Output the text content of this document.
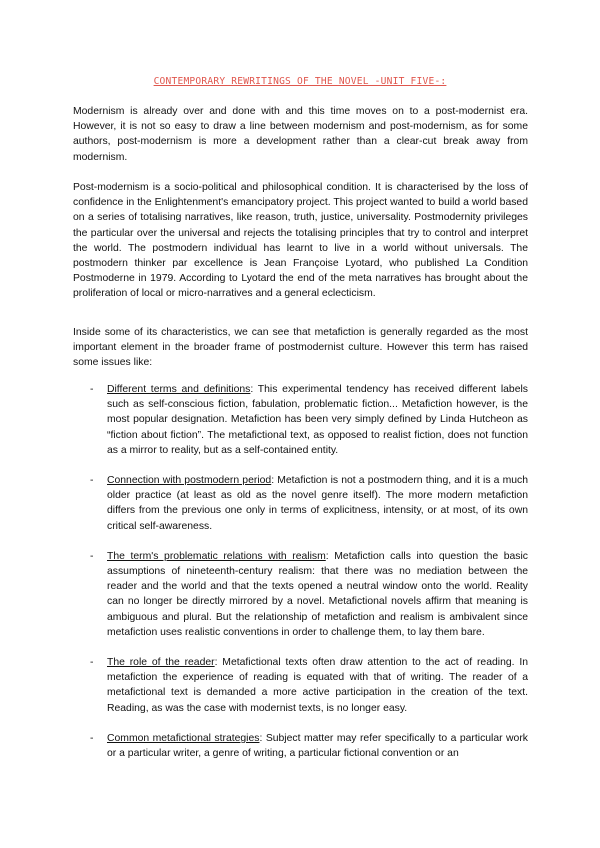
CONTEMPORARY REWRITINGS OF THE NOVEL -UNIT FIVE-:

Modernism is already over and done with and this time moves on to a post-modernist era. However, it is not so easy to draw a line between modernism and post-modernism, as for some authors, post-modernism is more a development rather than a clear-cut break away from modernism.

Post-modernism is a socio-political and philosophical condition. It is characterised by the loss of confidence in the Enlightenment's emancipatory project. This project wanted to build a world based on a series of totalising narratives, like reason, truth, justice, universality. Postmodernity privileges the particular over the universal and rejects the totalising principles that try to control and interpret the world. The postmodern individual has learnt to live in a world without universals. The postmodern thinker par excellence is Jean Françoise Lyotard, who published La Condition Postmoderne in 1979. According to Lyotard the end of the meta narratives has brought about the proliferation of local or micro-narratives and a general eclecticism.

Inside some of its characteristics, we can see that metafiction is generally regarded as the most important element in the broader frame of postmodernist culture. However this term has raised some issues like:

- Different terms and definitions: This experimental tendency has received different labels such as self-conscious fiction, fabulation, problematic fiction... Metafiction however, is the most popular designation. Metafiction has been very simply defined by Linda Hutcheon as “fiction about fiction”. The metafictional text, as opposed to realist fiction, does not function as a mirror to reality, but as a self-contained entity.
- Connection with postmodern period: Metafiction is not a postmodern thing, and it is a much older practice (at least as old as the novel genre itself). The more modern metafiction differs from the previous one only in terms of explicitness, intensity, or at most, of its own critical self-awareness.
- The term's problematic relations with realism: Metafiction calls into question the basic assumptions of nineteenth-century realism: that there was no mediation between the reader and the world and that the texts opened a neutral window onto the world. Reality can no longer be directly mirrored by a novel. Metafictional novels affirm that meaning is ambiguous and plural. But the relationship of metafiction and realism is ambivalent since metafiction uses realistic conventions in order to challenge them, to lay them bare.
- The role of the reader: Metafictional texts often draw attention to the act of reading. In metafiction the experience of reading is equated with that of writing. The reader of a metafictional text is demanded a more active participation in the creation of the text. Reading, as was the case with modernist texts, is no longer easy.
- Common metafictional strategies: Subject matter may refer specifically to a particular work or a particular writer, a genre of writing, a particular fictional convention or an
